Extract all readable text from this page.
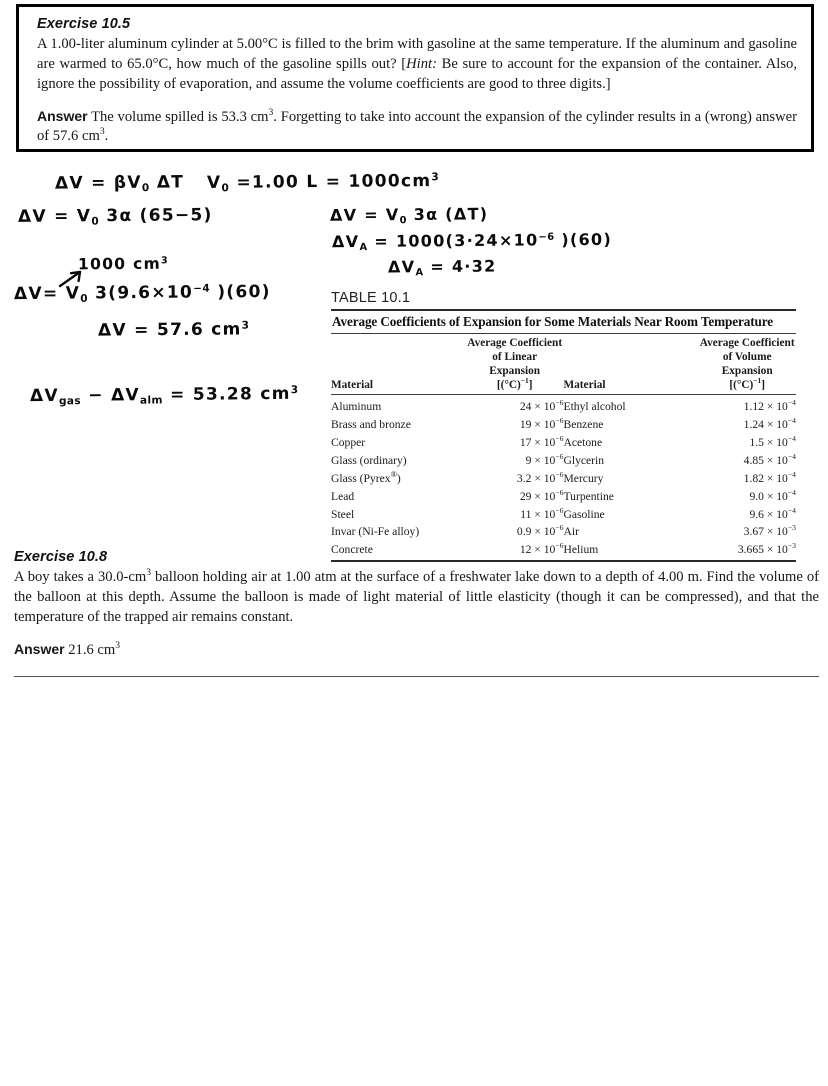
Exercise 10.5
A 1.00-liter aluminum cylinder at 5.00°C is filled to the brim with gasoline at the same temperature. If the aluminum and gasoline are warmed to 65.0°C, how much of the gasoline spills out? [Hint: Be sure to account for the expansion of the container. Also, ignore the possibility of evaporation, and assume the volume coefficients are good to three digits.]
Answer The volume spilled is 53.3 $cm^3$. Forgetting to take into account the expansion of the cylinder results in a (wrong) answer of 57.6 $cm^3$.
$\Delta V = \beta V_0$ ΔT
$\Delta V = V_0$ 3α (65−5)
1000 $cm^3$
$\Delta V= V_0$ $3(9.6\times 10^{-4}$ )(60)
ΔV = 57.6 $cm^3$
$\Delta V_{gas} - \Delta V_{alm} = 53.28$ $cm^3$
$V_0 =1.00$ $L = 1000cm^3$
$\Delta V = V_0$ 3α (ΔT)
$\Delta V_A = 1000(3\cdot 24\times 10^{-6}$ )(60)
$\Delta V_A = 4\cdot 32$
TABLE 10.1
Average Coefficients of Expansion for Some Materials Near Room Temperature
Material	Average Coefficient
of Linear Expansion
$[(^\circ C)^{-1}]$	Material	Average Coefficient
of Volume Expansion
$[(^\circ C)^{-1}]$

Aluminum	$24 \times 10^{-6}$	Ethyl alcohol	$1.12 \times 10^{-4}$
Brass and bronze	$19 \times 10^{-6}$	Benzene	$1.24 \times 10^{-4}$
Copper	$17 \times 10^{-6}$	Acetone	$1.5 \times 10^{-4}$
Glass (ordinary)	$9 \times 10^{-6}$	Glycerin	$4.85 \times 10^{-4}$
Glass (Pyrex®)	$3.2 \times 10^{-6}$	Mercury	$1.82 \times 10^{-4}$
Lead	$29 \times 10^{-6}$	Turpentine	$9.0 \times 10^{-4}$
Steel	$11 \times 10^{-6}$	Gasoline	$9.6 \times 10^{-4}$
Invar (Ni-Fe alloy)	$0.9 \times 10^{-6}$	Air	$3.67 \times 10^{-3}$
Concrete	$12 \times 10^{-6}$	Helium	$3.665 \times 10^{-3}$

Exercise 10.8
A boy takes a $30.0-cm^3$ balloon holding air at 1.00 atm at the surface of a freshwater lake down to a depth of 4.00 m. Find the volume of the balloon at this depth. Assume the balloon is made of light material of little elasticity (though it can be compressed), and that the temperature of the trapped air remains constant.
Answer 21.6 $cm^3$
